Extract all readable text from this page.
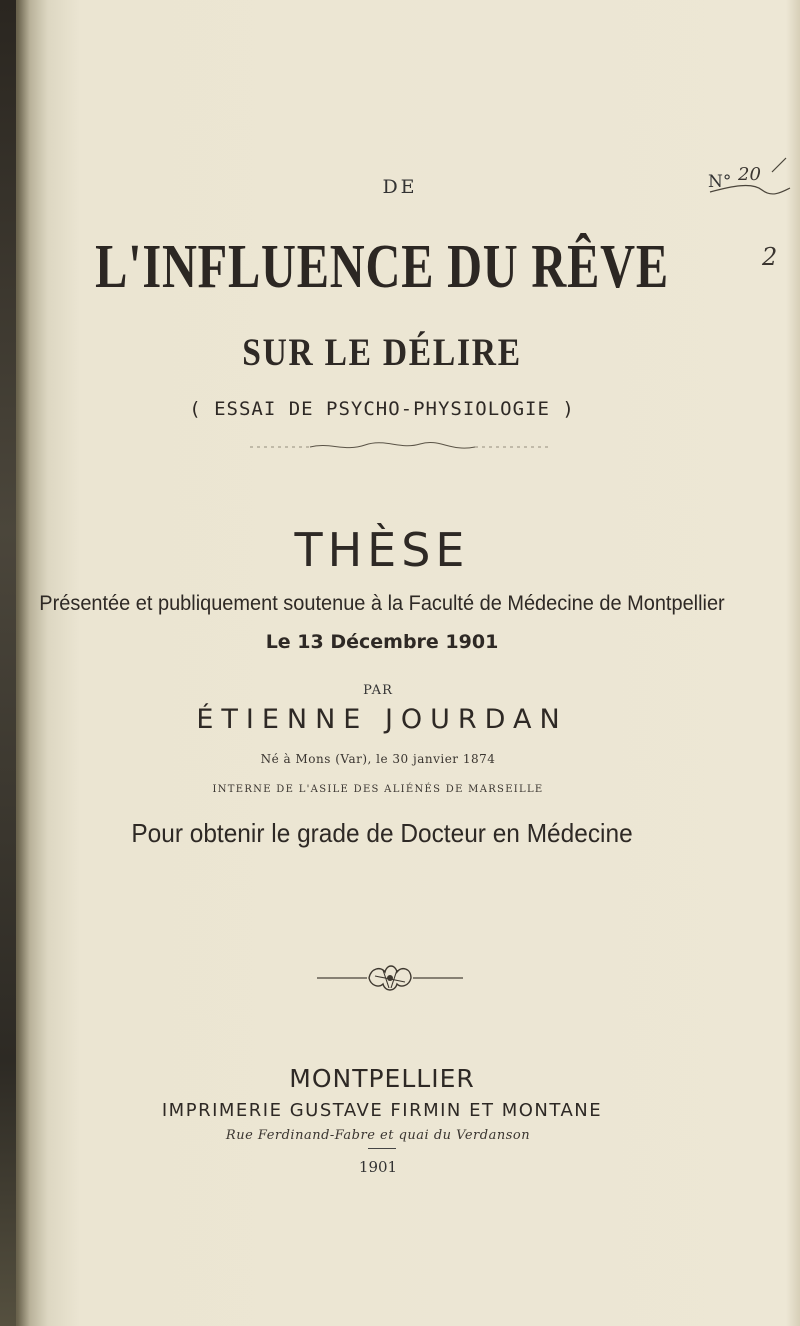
N° 20
2
DE
L'INFLUENCE DU RÊVE
SUR LE DÉLIRE
( ESSAI DE PSYCHO-PHYSIOLOGIE )
THÈSE
Présentée et publiquement soutenue à la Faculté de Médecine de Montpellier
Le 13 Décembre 1901
PAR
ÉTIENNE JOURDAN
Né à Mons (Var), le 30 janvier 1874
INTERNE DE L'ASILE DES ALIÉNÉS DE MARSEILLE
Pour obtenir le grade de Docteur en Médecine
MONTPELLIER
IMPRIMERIE GUSTAVE FIRMIN ET MONTANE
Rue Ferdinand-Fabre et quai du Verdanson
1901
